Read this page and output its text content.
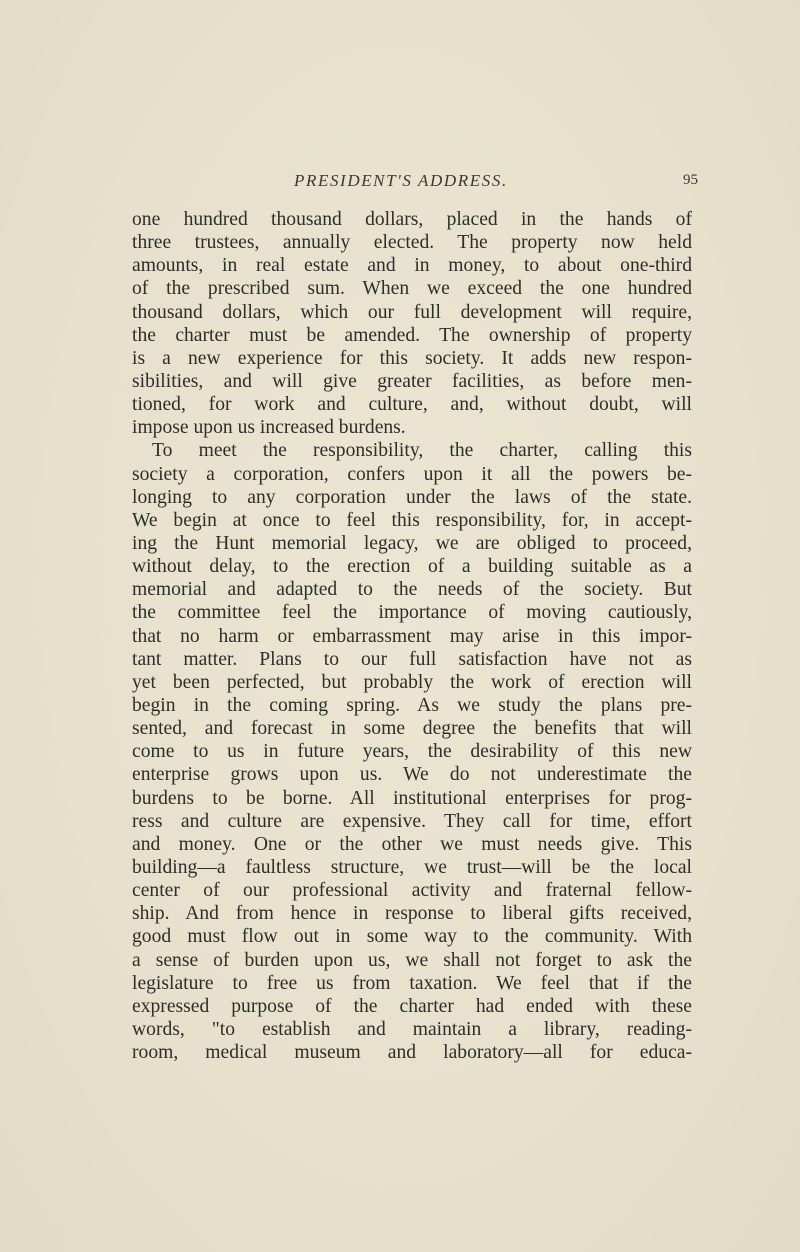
PRESIDENT'S ADDRESS.	95
one hundred thousand dollars, placed in the hands of
three trustees, annually elected. The property now held
amounts, in real estate and in money, to about one-third
of the prescribed sum. When we exceed the one hundred
thousand dollars, which our full development will require,
the charter must be amended. The ownership of property
is a new experience for this society. It adds new respon-
sibilities, and will give greater facilities, as before men-
tioned, for work and culture, and, without doubt, will
impose upon us increased burdens.
To meet the responsibility, the charter, calling this
society a corporation, confers upon it all the powers be-
longing to any corporation under the laws of the state.
We begin at once to feel this responsibility, for, in accept-
ing the Hunt memorial legacy, we are obliged to proceed,
without delay, to the erection of a building suitable as a
memorial and adapted to the needs of the society. But
the committee feel the importance of moving cautiously,
that no harm or embarrassment may arise in this impor-
tant matter. Plans to our full satisfaction have not as
yet been perfected, but probably the work of erection will
begin in the coming spring. As we study the plans pre-
sented, and forecast in some degree the benefits that will
come to us in future years, the desirability of this new
enterprise grows upon us. We do not underestimate the
burdens to be borne. All institutional enterprises for prog-
ress and culture are expensive. They call for time, effort
and money. One or the other we must needs give. This
building—a faultless structure, we trust—will be the local
center of our professional activity and fraternal fellow-
ship. And from hence in response to liberal gifts received,
good must flow out in some way to the community. With
a sense of burden upon us, we shall not forget to ask the
legislature to free us from taxation. We feel that if the
expressed purpose of the charter had ended with these
words, "to establish and maintain a library, reading-
room, medical museum and laboratory—all for educa-
